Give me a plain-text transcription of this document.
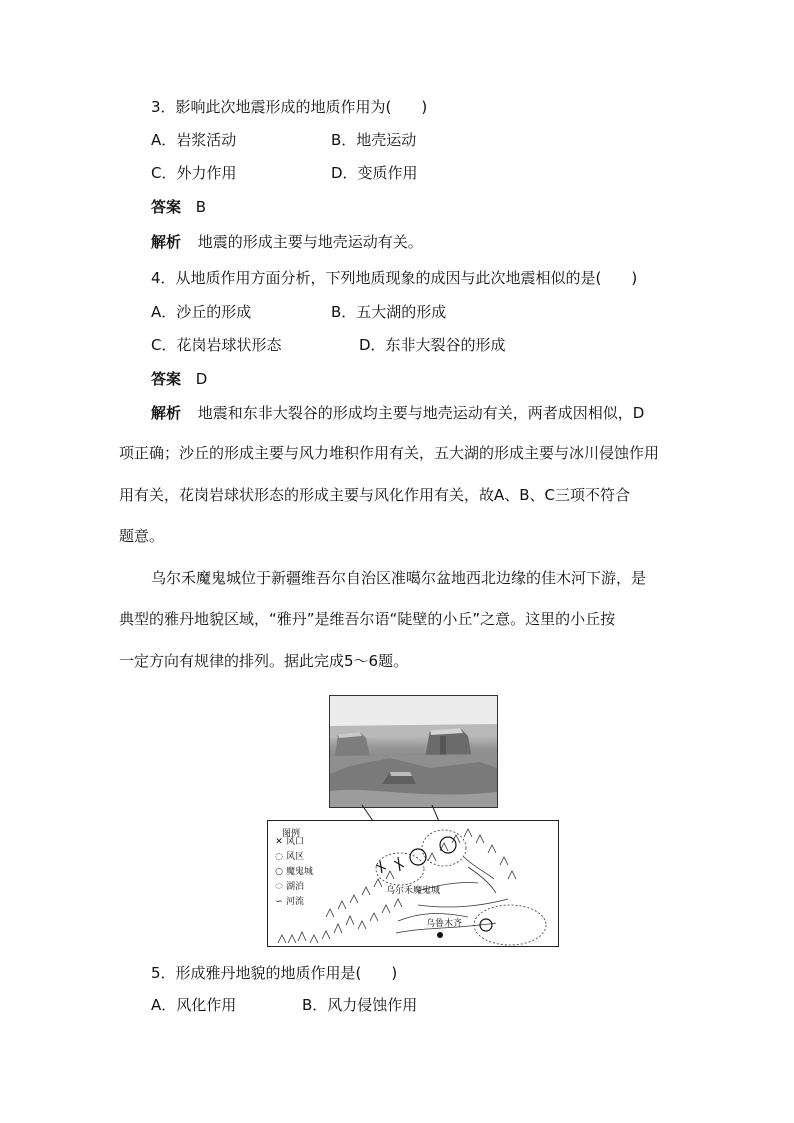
3．影响此次地震形成的地质作用为(　　)
A．岩浆活动	B．地壳运动
C．外力作用	D．变质作用
答案 B
解析 地震的形成主要与地壳运动有关。
4．从地质作用方面分析，下列地质现象的成因与此次地震相似的是(　　)
A．沙丘的形成	B．五大湖的形成
C．花岗岩球状形态	D．东非大裂谷的形成
答案 D
解析 地震和东非大裂谷的形成均主要与地壳运动有关，两者成因相似，D
项正确；沙丘的形成主要与风力堆积作用有关，五大湖的形成主要与冰川侵蚀作用
用有关，花岗岩球状形态的形成主要与风化作用有关，故A、B、C三项不符合
题意。
乌尔禾魔鬼城位于新疆维吾尔自治区准噶尔盆地西北边缘的佳木河下游，是
典型的雅丹地貌区域，“雅丹”是维吾尔语“陡壁的小丘”之意。这里的小丘按
一定方向有规律的排列。据此完成5～6题。
图例
✕ 风口
◌ 风区
○ 魔鬼城
⬭ 湖泊
∽ 河流
乌尔禾魔鬼城
乌鲁木齐
5．形成雅丹地貌的地质作用是(　　)
A．风化作用	B．风力侵蚀作用
